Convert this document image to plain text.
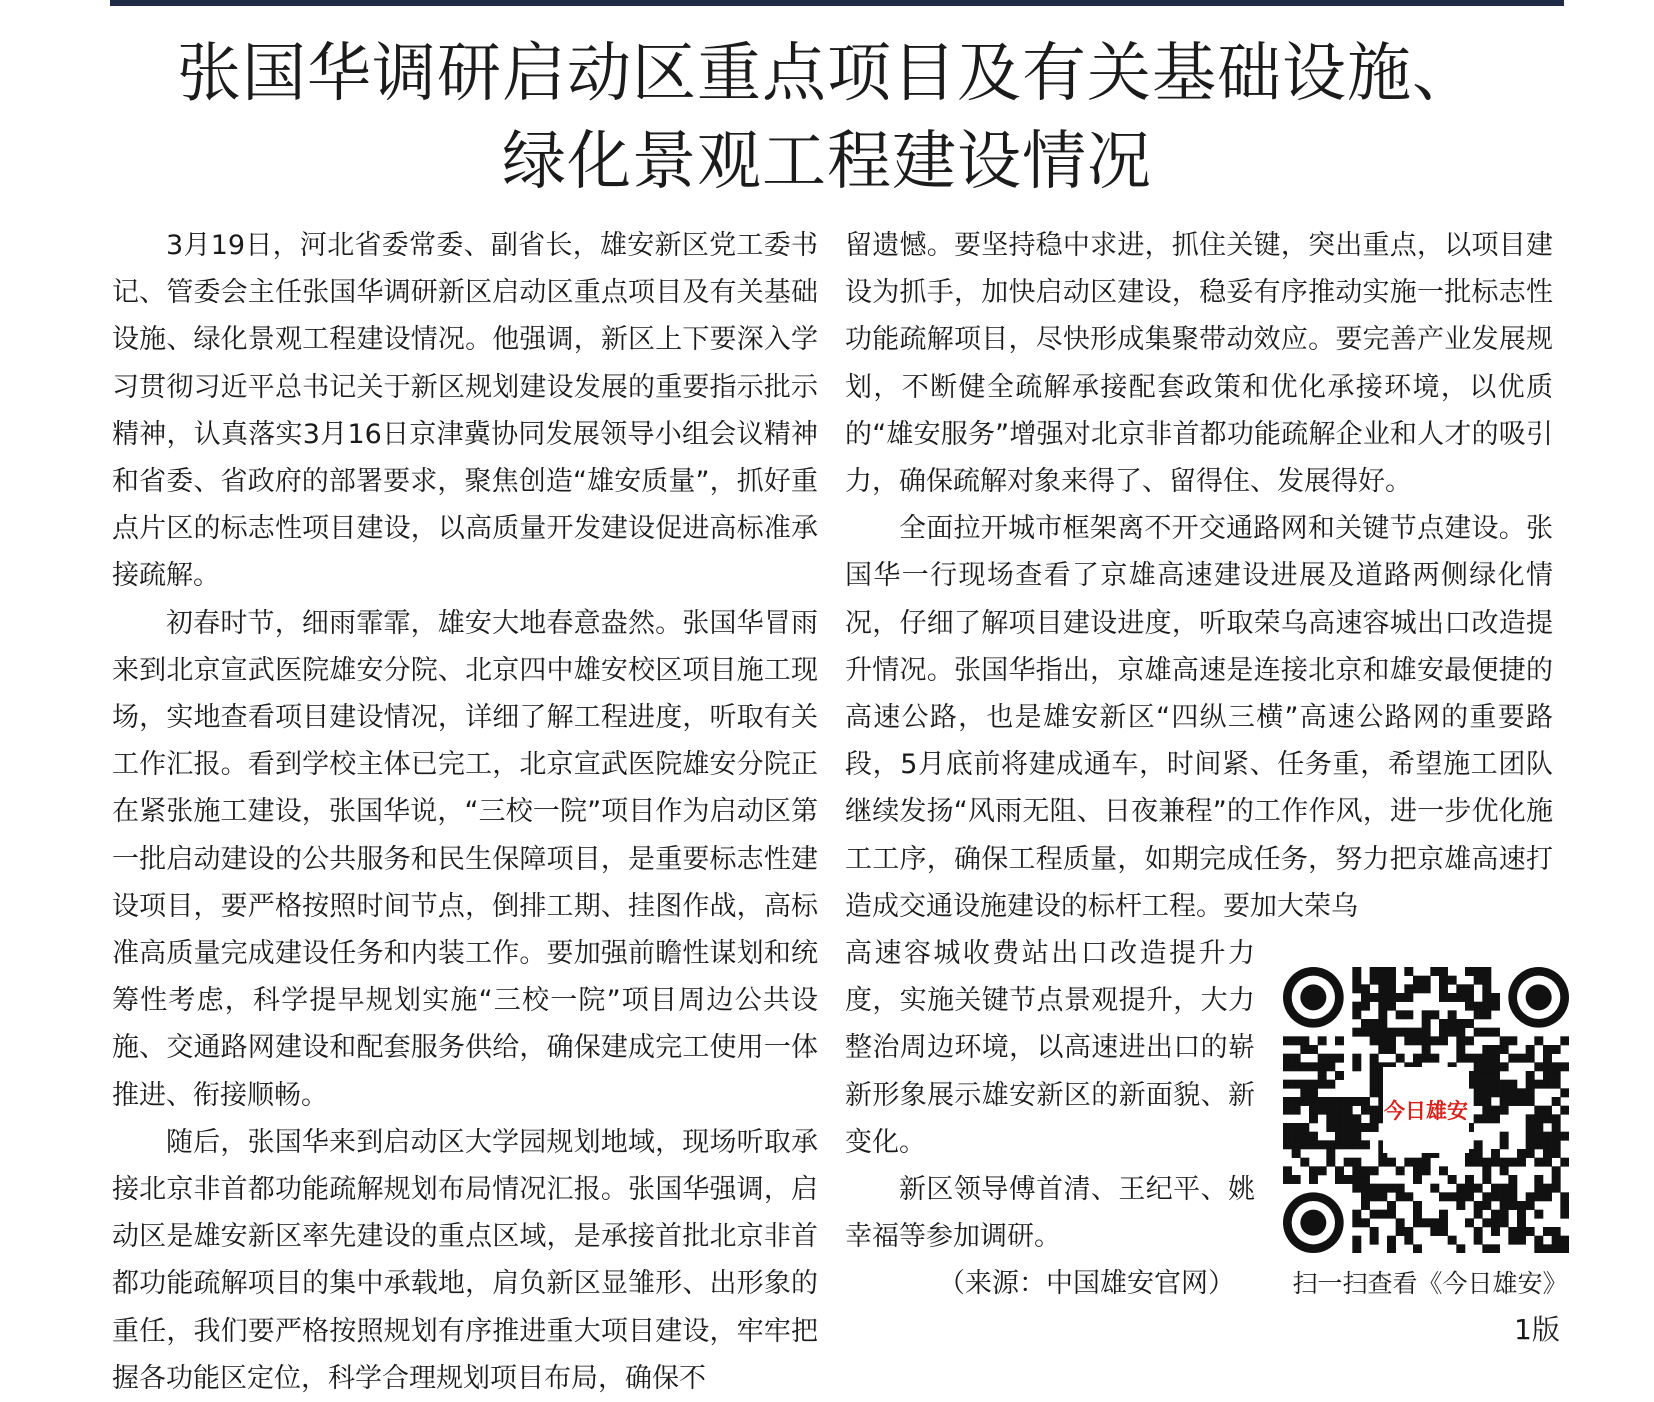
张国华调研启动区重点项目及有关基础设施、
绿化景观工程建设情况

3月19日，河北省委常委、副省长，雄安新区党工委书记、管委会主任张国华调研新区启动区重点项目及有关基础设施、绿化景观工程建设情况。他强调，新区上下要深入学习贯彻习近平总书记关于新区规划建设发展的重要指示批示精神，认真落实3月16日京津冀协同发展领导小组会议精神和省委、省政府的部署要求，聚焦创造“雄安质量”，抓好重点片区的标志性项目建设，以高质量开发建设促进高标准承接疏解。

初春时节，细雨霏霏，雄安大地春意盎然。张国华冒雨来到北京宣武医院雄安分院、北京四中雄安校区项目施工现场，实地查看项目建设情况，详细了解工程进度，听取有关工作汇报。看到学校主体已完工，北京宣武医院雄安分院正在紧张施工建设，张国华说，“三校一院”项目作为启动区第一批启动建设的公共服务和民生保障项目，是重要标志性建设项目，要严格按照时间节点，倒排工期、挂图作战，高标准高质量完成建设任务和内装工作。要加强前瞻性谋划和统筹性考虑，科学提早规划实施“三校一院”项目周边公共设施、交通路网建设和配套服务供给，确保建成完工使用一体推进、衔接顺畅。

随后，张国华来到启动区大学园规划地域，现场听取承接北京非首都功能疏解规划布局情况汇报。张国华强调，启动区是雄安新区率先建设的重点区域，是承接首批北京非首都功能疏解项目的集中承载地，肩负新区显雏形、出形象的重任，我们要严格按照规划有序推进重大项目建设，牢牢把握各功能区定位，科学合理规划项目布局，确保不

留遗憾。要坚持稳中求进，抓住关键，突出重点，以项目建设为抓手，加快启动区建设，稳妥有序推动实施一批标志性功能疏解项目，尽快形成集聚带动效应。要完善产业发展规划，不断健全疏解承接配套政策和优化承接环境，以优质的“雄安服务”增强对北京非首都功能疏解企业和人才的吸引力，确保疏解对象来得了、留得住、发展得好。

全面拉开城市框架离不开交通路网和关键节点建设。张国华一行现场查看了京雄高速建设进展及道路两侧绿化情况，仔细了解项目建设进度，听取荣乌高速容城出口改造提升情况。张国华指出，京雄高速是连接北京和雄安最便捷的高速公路，也是雄安新区“四纵三横”高速公路网的重要路段，5月底前将建成通车，时间紧、任务重，希望施工团队继续发扬“风雨无阻、日夜兼程”的工作作风，进一步优化施工工序，确保工程质量，如期完成任务，努力把京雄高速打造成交通设施建设的标杆工程。要加大荣乌

高速容城收费站出口改造提升力度，实施关键节点景观提升，大力整治周边环境，以高速进出口的崭新形象展示雄安新区的新面貌、新变化。

新区领导傅首清、王纪平、姚幸福等参加调研。

（来源：中国雄安官网）

今日雄安
扫一扫查看《今日雄安》
1版
